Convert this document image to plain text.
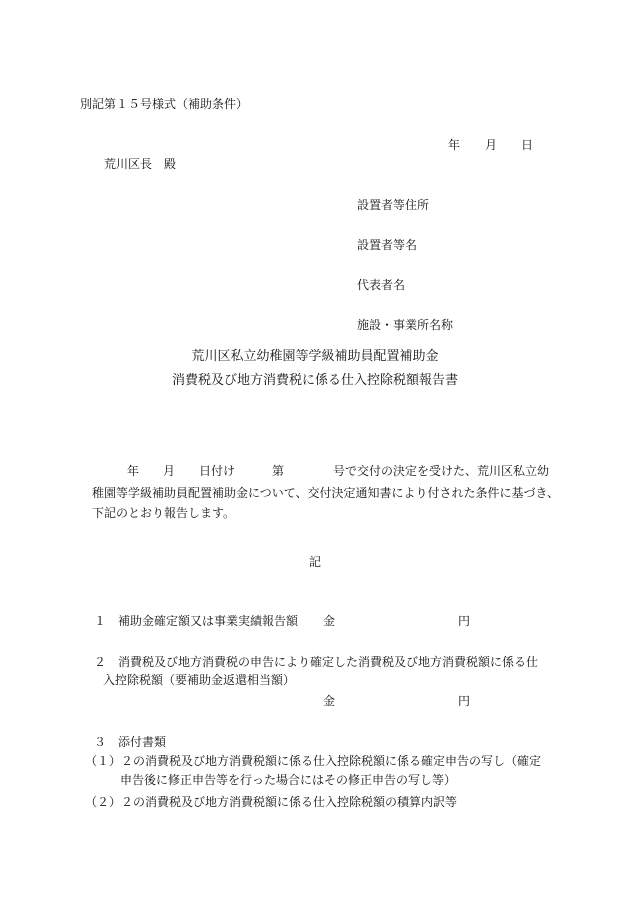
別記第１５号様式（補助条件）
年 月 日
荒川区長　殿
設置者等住所
設置者等名
代表者名
施設・事業所名称
荒川区私立幼稚園等学級補助員配置補助金
消費税及び地方消費税に係る仕入控除税額報告書
年 月 日付け	第	号で交付の決定を受けた、荒川区私立幼
稚園等学級補助員配置補助金について、交付決定通知書により付された条件に基づき、
下記のとおり報告します。
記
１　補助金確定額又は事業実績報告額 金	円
２　消費税及び地方消費税の申告により確定した消費税及び地方消費税額に係る仕
入控除税額（要補助金返還相当額）
金	円
３　添付書類
（１）２の消費税及び地方消費税額に係る仕入控除税額に係る確定申告の写し（確定
申告後に修正申告等を行った場合にはその修正申告の写し等）
（２）２の消費税及び地方消費税額に係る仕入控除税額の積算内訳等
